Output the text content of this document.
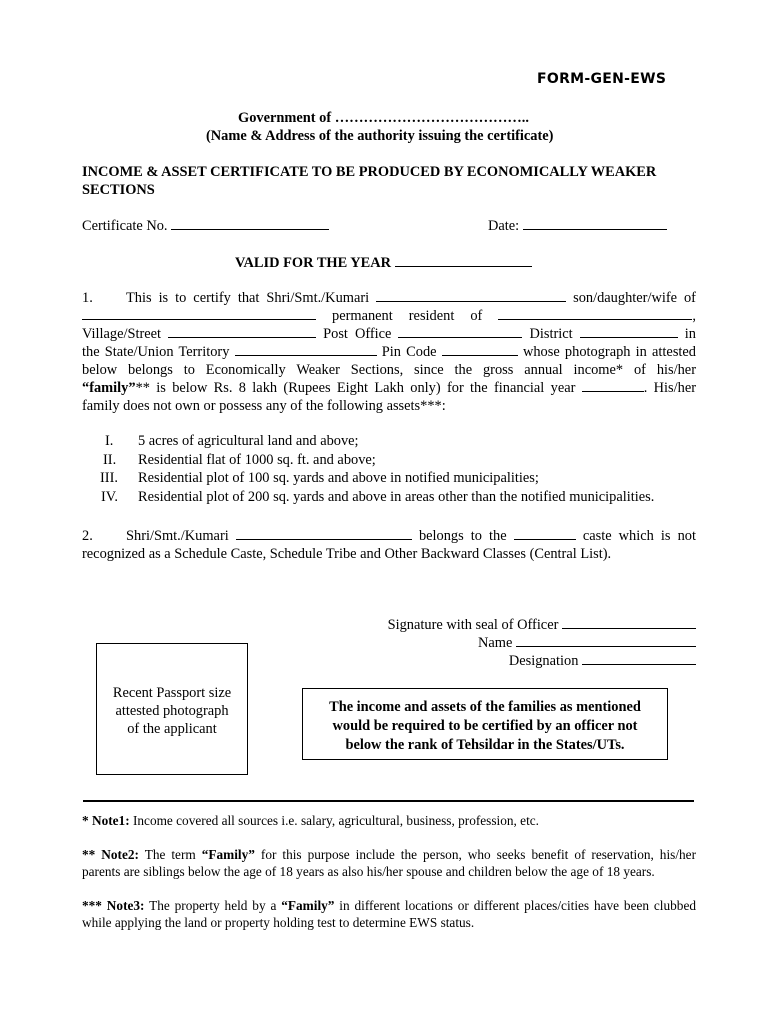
FORM-GEN-EWS
Government of …………………………………..
(Name & Address of the authority issuing the certificate)
INCOME & ASSET CERTIFICATE TO BE PRODUCED BY ECONOMICALLY WEAKER
SECTIONS
Certificate No.	Date:
VALID FOR THE YEAR
1. This is to certify that Shri/Smt./Kumari	son/daughter/wife of
permanent resident of	,
Village/Street	Post Office	District	in
the State/Union Territory	Pin Code	whose photograph in attested
below belongs to Economically Weaker Sections, since the gross annual income* of his/her
“family”** is below Rs. 8 lakh (Rupees Eight Lakh only) for the financial year	. His/her
family does not own or possess any of the following assets***:
I. 5 acres of agricultural land and above;
II. Residential flat of 1000 sq. ft. and above;
III. Residential plot of 100 sq. yards and above in notified municipalities;
IV. Residential plot of 200 sq. yards and above in areas other than the notified municipalities.
2. Shri/Smt./Kumari	belongs to the	caste which is not
recognized as a Schedule Caste, Schedule Tribe and Other Backward Classes (Central List).
Signature with seal of Officer
Name
Designation
Recent Passport size
attested photograph
of the applicant
The income and assets of the families as mentioned
would be required to be certified by an officer not
below the rank of Tehsildar in the States/UTs.
* Note1: Income covered all sources i.e. salary, agricultural, business, profession, etc.
** Note2: The term “Family” for this purpose include the person, who seeks benefit of reservation, his/her
parents are siblings below the age of 18 years as also his/her spouse and children below the age of 18 years.
*** Note3: The property held by a “Family” in different locations or different places/cities have been clubbed
while applying the land or property holding test to determine EWS status.
